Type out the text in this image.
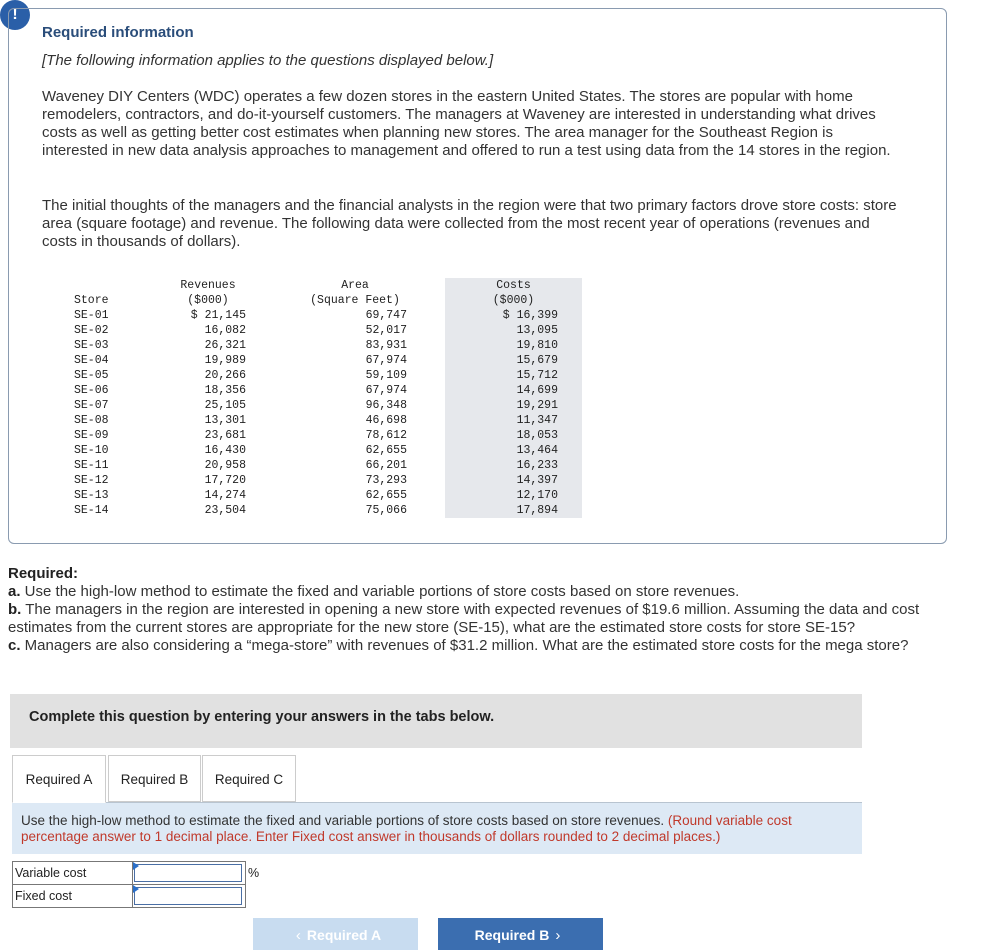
!

Required information

[The following information applies to the questions displayed below.]

Waveney DIY Centers (WDC) operates a few dozen stores in the eastern United States. The stores are popular with home remodelers, contractors, and do-it-yourself customers. The managers at Waveney are interested in understanding what drives costs as well as getting better cost estimates when planning new stores. The area manager for the Southeast Region is interested in new data analysis approaches to management and offered to run a test using data from the 14 stores in the region.

The initial thoughts of the managers and the financial analysts in the region were that two primary factors drove store costs: store area (square footage) and revenue. The following data were collected from the most recent year of operations (revenues and costs in thousands of dollars).

	Revenues	Area	Costs
Store	($000)	(Square Feet)	($000)
SE-01	$ 21,145	69,747	$ 16,399
SE-02	16,082	52,017	13,095
SE-03	26,321	83,931	19,810
SE-04	19,989	67,974	15,679
SE-05	20,266	59,109	15,712
SE-06	18,356	67,974	14,699
SE-07	25,105	96,348	19,291
SE-08	13,301	46,698	11,347
SE-09	23,681	78,612	18,053
SE-10	16,430	62,655	13,464
SE-11	20,958	66,201	16,233
SE-12	17,720	73,293	14,397
SE-13	14,274	62,655	12,170
SE-14	23,504	75,066	17,894

Required:

a. Use the high-low method to estimate the fixed and variable portions of store costs based on store revenues.

b. The managers in the region are interested in opening a new store with expected revenues of $19.6 million. Assuming the data and cost estimates from the current stores are appropriate for the new store (SE-15), what are the estimated store costs for store SE-15?

c. Managers are also considering a “mega-store” with revenues of $31.2 million. What are the estimated store costs for the mega store?

Complete this question by entering your answers in the tabs below.

Required A	Required B	Required C

Use the high-low method to estimate the fixed and variable portions of store costs based on store revenues. (Round variable cost percentage answer to 1 decimal place. Enter Fixed cost answer in thousands of dollars rounded to 2 decimal places.)

Variable cost		%
Fixed cost		
‹ Required A	Required B ›
